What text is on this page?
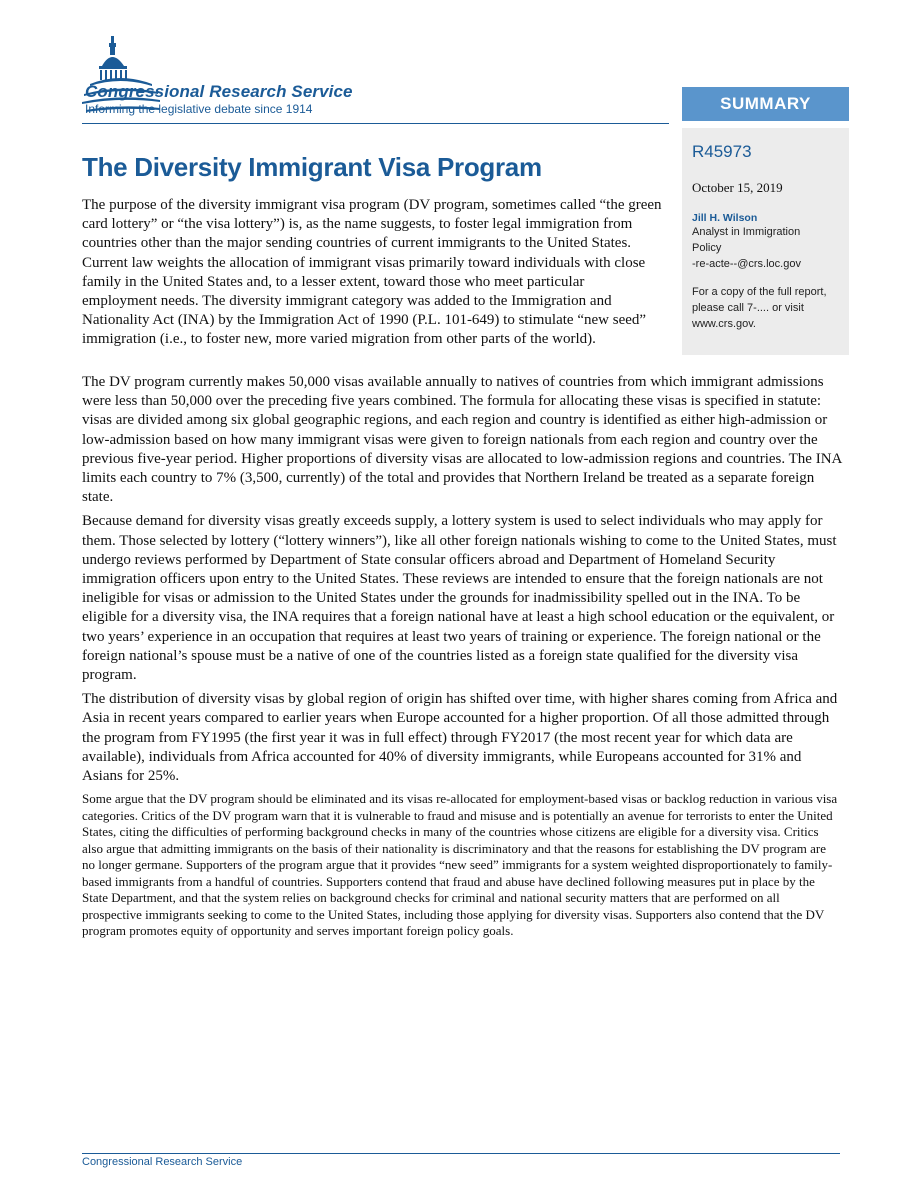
Congressional Research Service
Informing the legislative debate since 1914	SUMMARY
R45973
October 15, 2019
Jill H. Wilson
Analyst in Immigration
Policy
-re-acte--@crs.loc.gov
For a copy of the full report, please call 7-.... or visit www.crs.gov.
The Diversity Immigrant Visa Program

The purpose of the diversity immigrant visa program (DV program, sometimes called “the green card lottery” or “the visa lottery”) is, as the name suggests, to foster legal immigration from countries other than the major sending countries of current immigrants to the United States. Current law weights the allocation of immigrant visas primarily toward individuals with close family in the United States and, to a lesser extent, toward those who meet particular employment needs. The diversity immigrant category was added to the Immigration and Nationality Act (INA) by the Immigration Act of 1990 (P.L. 101-649) to stimulate “new seed” immigration (i.e., to foster new, more varied migration from other parts of the world).

The DV program currently makes 50,000 visas available annually to natives of countries from which immigrant admissions were less than 50,000 over the preceding five years combined. The formula for allocating these visas is specified in statute: visas are divided among six global geographic regions, and each region and country is identified as either high-admission or low-admission based on how many immigrant visas were given to foreign nationals from each region and country over the previous five-year period. Higher proportions of diversity visas are allocated to low-admission regions and countries. The INA limits each country to 7% (3,500, currently) of the total and provides that Northern Ireland be treated as a separate foreign state.

Because demand for diversity visas greatly exceeds supply, a lottery system is used to select individuals who may apply for them. Those selected by lottery (“lottery winners”), like all other foreign nationals wishing to come to the United States, must undergo reviews performed by Department of State consular officers abroad and Department of Homeland Security immigration officers upon entry to the United States. These reviews are intended to ensure that the foreign nationals are not ineligible for visas or admission to the United States under the grounds for inadmissibility spelled out in the INA. To be eligible for a diversity visa, the INA requires that a foreign national have at least a high school education or the equivalent, or two years’ experience in an occupation that requires at least two years of training or experience. The foreign national or the foreign national’s spouse must be a native of one of the countries listed as a foreign state qualified for the diversity visa program.

The distribution of diversity visas by global region of origin has shifted over time, with higher shares coming from Africa and Asia in recent years compared to earlier years when Europe accounted for a higher proportion. Of all those admitted through the program from FY1995 (the first year it was in full effect) through FY2017 (the most recent year for which data are available), individuals from Africa accounted for 40% of diversity immigrants, while Europeans accounted for 31% and Asians for 25%.

Some argue that the DV program should be eliminated and its visas re-allocated for employment-based visas or backlog reduction in various visa categories. Critics of the DV program warn that it is vulnerable to fraud and misuse and is potentially an avenue for terrorists to enter the United States, citing the difficulties of performing background checks in many of the countries whose citizens are eligible for a diversity visa. Critics also argue that admitting immigrants on the basis of their nationality is discriminatory and that the reasons for establishing the DV program are no longer germane. Supporters of the program argue that it provides “new seed” immigrants for a system weighted disproportionately to family-based immigrants from a handful of countries. Supporters contend that fraud and abuse have declined following measures put in place by the State Department, and that the system relies on background checks for criminal and national security matters that are performed on all prospective immigrants seeking to come to the United States, including those applying for diversity visas. Supporters also contend that the DV program promotes equity of opportunity and serves important foreign policy goals.

Congressional Research Service
